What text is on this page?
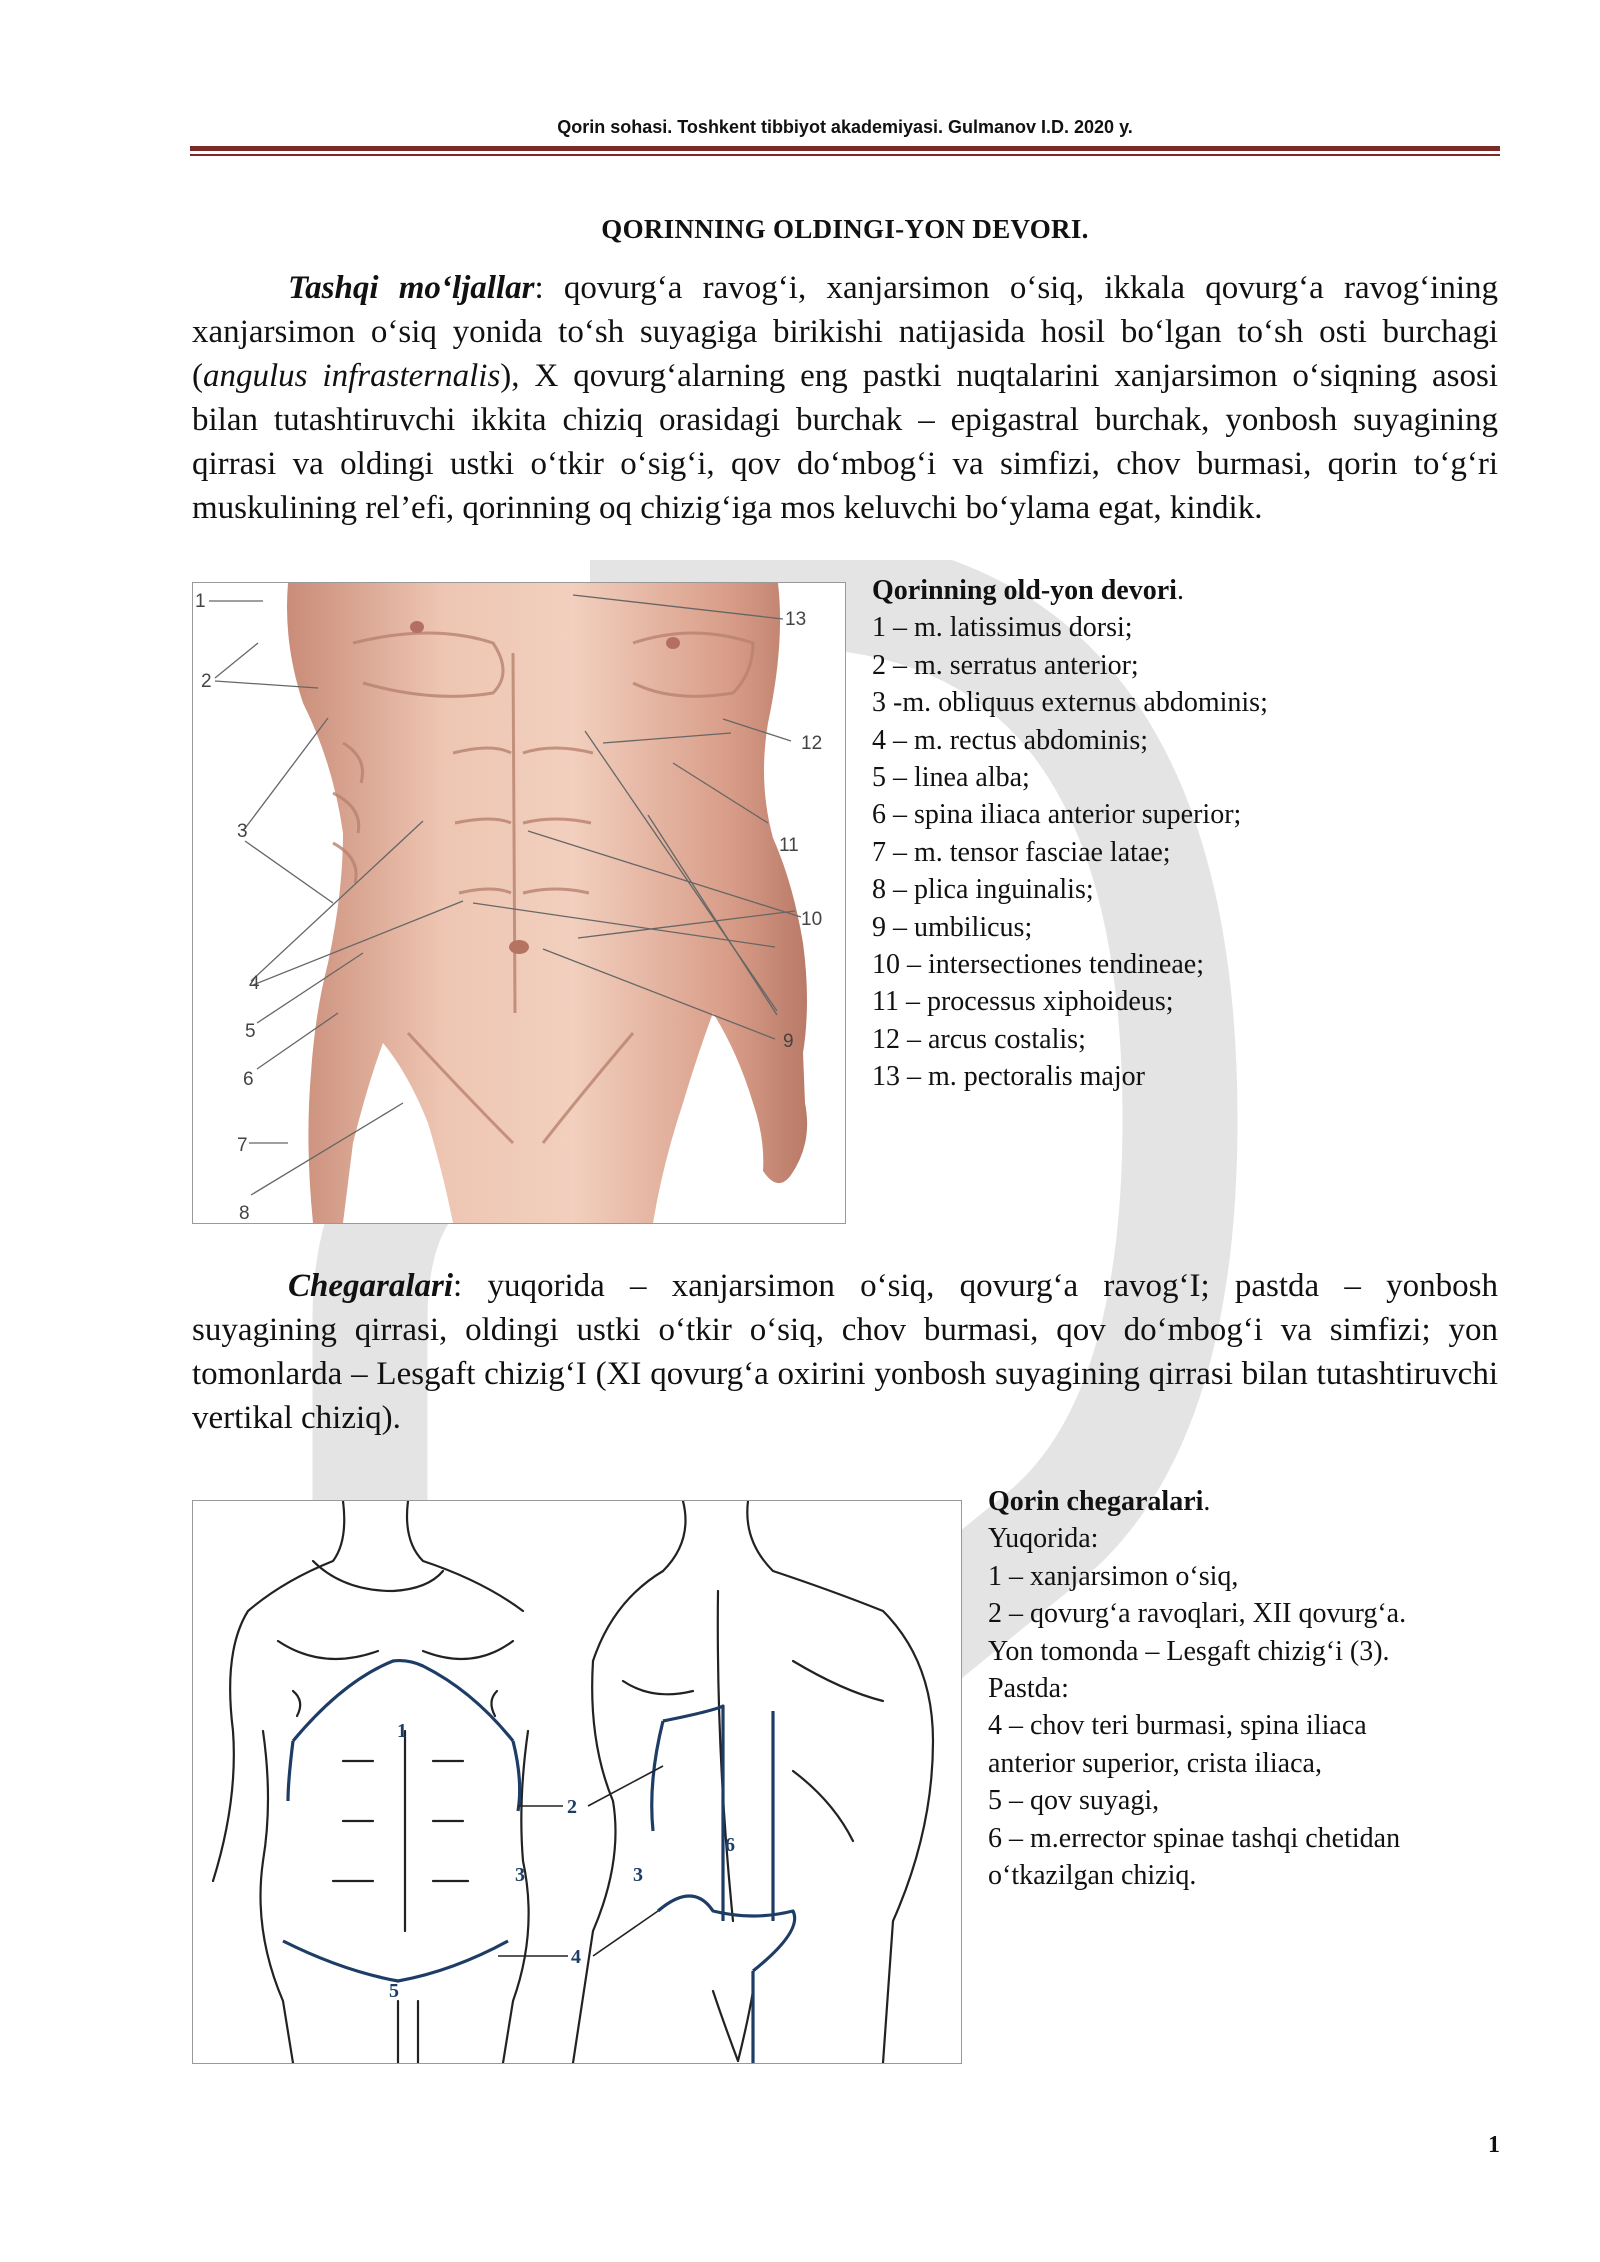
Qorin sohasi. Toshkent tibbiyot akademiyasi. Gulmanov I.D. 2020 y.
QORINNING OLDINGI-YON DEVORI.
Tashqi mo‘ljallar: qovurg‘a ravog‘i, xanjarsimon o‘siq, ikkala qovurg‘a ravog‘ining xanjarsimon o‘siq yonida to‘sh suyagiga birikishi natijasida hosil bo‘lgan to‘sh osti burchagi (angulus infrasternalis), X qovurg‘alarning eng pastki nuqtalarini xanjarsimon o‘siqning asosi bilan tutashtiruvchi ikkita chiziq orasidagi burchak – epigastral burchak, yonbosh suyagining qirrasi va oldingi ustki o‘tkir o‘sig‘i, qov do‘mbog‘i va simfizi, chov burmasi, qorin to‘g‘ri muskulining rel’efi, qorinning oq chizig‘iga mos keluvchi bo‘ylama egat, kindik.
1
2
3
4
5
6
7
8
9
10
11
12
13
Qorinning old-yon devori.
1 – m. latissimus dorsi;
2 – m. serratus anterior;
3 -m. obliquus externus abdominis;
4 – m. rectus abdominis;
5 – linea alba;
6 – spina iliaca anterior superior;
7 – m. tensor fasciae latae;
8 – plica inguinalis;
9 – umbilicus;
10 – intersectiones tendineae;
11 – processus xiphoideus;
12 – arcus costalis;
13 – m. pectoralis major
Chegaralari: yuqorida – xanjarsimon o‘siq, qovurg‘a ravog‘I; pastda – yonbosh suyagining qirrasi, oldingi ustki o‘tkir o‘siq, chov burmasi, qov do‘mbog‘i va simfizi; yon tomonlarda – Lesgaft chizig‘I (XI qovurg‘a oxirini yonbosh suyagining qirrasi bilan tutashtiruvchi vertikal chiziq).
1
2
3	3
4
5
6
Qorin chegaralari.
Yuqorida:
1 – xanjarsimon o‘siq,
2 – qovurg‘a ravoqlari, XII qovurg‘a.
Yon tomonda – Lesgaft chizig‘i (3).
Pastda:
4 – chov teri burmasi, spina iliaca
anterior superior, crista iliaca,
5 – qov suyagi,
6 – m.errector spinae tashqi chetidan
o‘tkazilgan chiziq.
1
